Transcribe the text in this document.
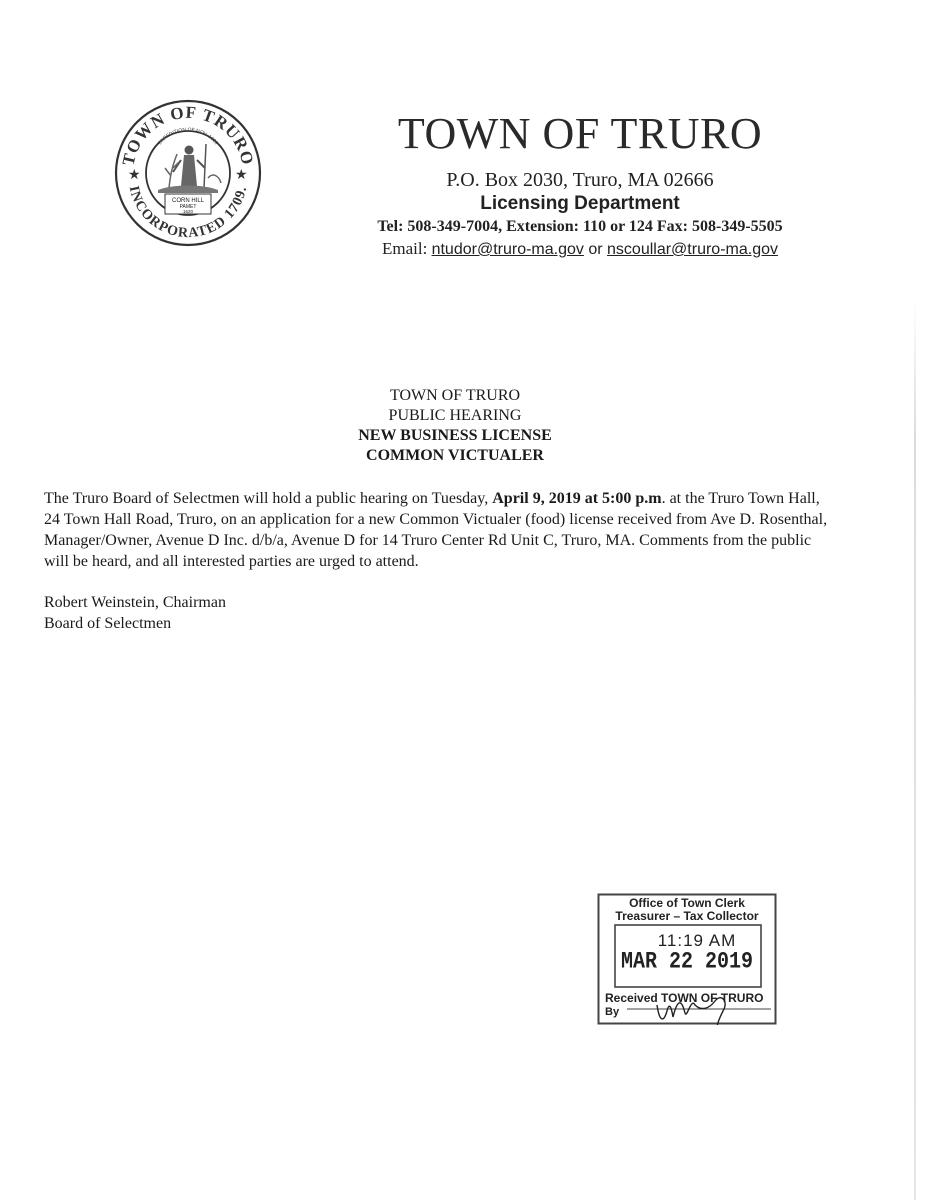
TOWN OF TRURO
INCORPORATED 1709.
EXPEDITION OF NOV. 1620
★	★
CORN HILL
PAMET
1620
TOWN OF TRURO
P.O. Box 2030, Truro, MA 02666
Licensing Department
Tel: 508-349-7004, Extension: 110 or 124 Fax: 508-349-5505
Email: ntudor@truro-ma.gov or nscoullar@truro-ma.gov
TOWN OF TRURO
PUBLIC HEARING
NEW BUSINESS LICENSE
COMMON VICTUALER

The Truro Board of Selectmen will hold a public hearing on Tuesday, April 9, 2019 at 5:00 p.m. at the Truro Town Hall, 24 Town Hall Road, Truro, on an application for a new Common Victualer (food) license received from Ave D. Rosenthal, Manager/Owner, Avenue D Inc. d/b/a, Avenue D for 14 Truro Center Rd Unit C, Truro, MA. Comments from the public will be heard, and all interested parties are urged to attend.

Robert Weinstein, Chairman
Board of Selectmen
Office of Town Clerk
Treasurer – Tax Collector
11:19 AM
MAR 22 2019
Received TOWN OF TRURO
By
